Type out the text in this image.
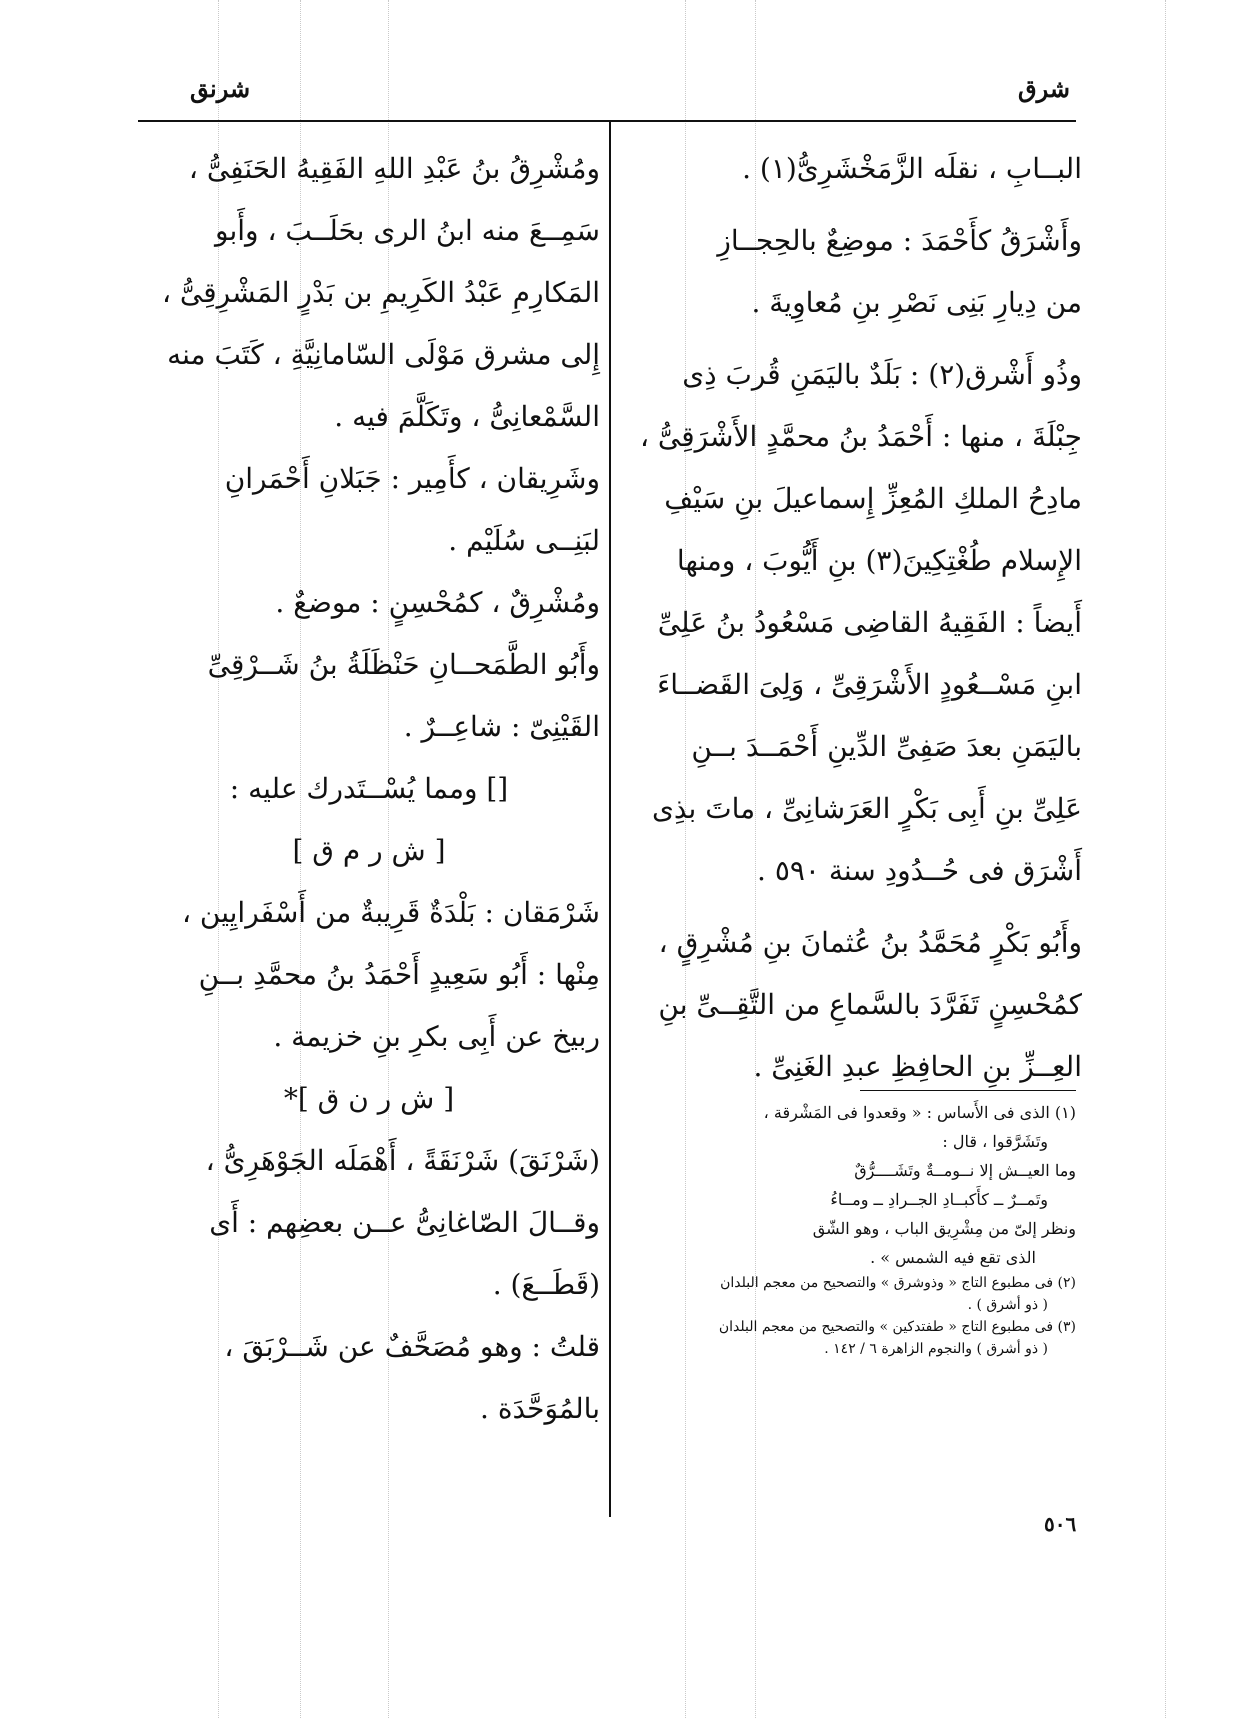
شرنق	شرق

البــابِ ، نقلَه الزَّمَخْشَرِىُّ(١) .

وأَشْرَقُ كأَحْمَدَ : موضِعٌ بالحِجــازِ

من دِيارِ بَنِى نَصْرِ بنِ مُعاوِيةَ .

وذُو أَشْرق(٢) : بَلَدٌ باليَمَنِ قُربَ ذِى

جِبْلَةَ ، منها : أَحْمَدُ بنُ محمَّدٍ الأَشْرَقِىُّ ،

مادِحُ الملكِ المُعِزِّ إِسماعيلَ بنِ سَيْفِ

الإِسلام طُغْتِكِينَ(٣) بنِ أَيُّوبَ ، ومنها

أَيضاً : الفَقِيهُ القاضِى مَسْعُودُ بنُ عَلِىِّ

ابنِ مَسْــعُودٍ الأَشْرَقِىِّ ، وَلِىَ القَضــاءَ

باليَمَنِ بعدَ صَفِىِّ الدِّينِ أَحْمَــدَ بــنِ

عَلِىِّ بنِ أَبِى بَكْرٍ العَرَشانِىِّ ، ماتَ بذِى

أَشْرَق فى حُــدُودِ سنة ٥٩٠ .

وأَبُو بَكْرٍ مُحَمَّدُ بنُ عُثمانَ بنِ مُشْرِقٍ ،

كمُحْسِنٍ تَفَرَّدَ بالسَّماعِ من التَّقِــىِّ بنِ

العِــزِّ بنِ الحافِظِ عبدِ الغَنِىِّ .

(١) الذى فى الأَساس : « وقعدوا فى المَشْرقة ،

وتَشَرَّقوا ، قال :

وما العيــش إلا نــومــةٌ وتَشَــــرُّقٌ

وتَمــرٌ ــ كأَكبــادِ الجــرادِ ــ ومــاءُ

ونظر إلىّ من مِشْرِيق الباب ، وهو الشّق

الذى تقع فيه الشمس » .

(٢) فى مطبوع التاج « وذوشرق » والتصحيح من معجم البلدان

( ذو أشرق ) .

(٣) فى مطبوع التاج « طفتدكين » والتصحيح من معجم البلدان

( ذو أشرق ) والنجوم الزاهرة ٦ / ١٤٢ .

ومُشْرِقُ بنُ عَبْدِ اللهِ الفَقِيهُ الحَنَفِىُّ ،

سَمِــعَ منه ابنُ الرى بحَلَــبَ ، وأَبو

المَكارِمِ عَبْدُ الكَرِيمِ بن بَدْرٍ المَشْرِقِىُّ ،

إِلى مشرق مَوْلَى السّامانِيَّةِ ، كَتَبَ منه

السَّمْعانِىُّ ، وتَكَلَّمَ فيه .

وشَرِيقان ، كأَمِير : جَبَلانِ أَحْمَرانِ

لبَنِــى سُلَيْم .

ومُشْرِقٌ ، كمُحْسِنٍ : موضعٌ .

وأَبُو الطَّمَحــانِ حَنْظَلَةُ بنُ شَــرْقِىِّ

القَيْنِىّ : شاعِــرٌ .

[] ومما يُسْــتَدرك عليه :

[ ش ر م ق ]

شَرْمَقان : بَلْدَةٌ قَرِيبةٌ من أَسْفَرايِين ،

مِنْها : أَبُو سَعِيدٍ أَحْمَدُ بنُ محمَّدِ بــنِ

ربيخ عن أَبِى بكرِ بنِ خزيمة .

[ ش ر ن ق ]*

(شَرْنَقَ) شَرْنَقَةً ، أَهْمَلَه الجَوْهَرِىُّ ،

وقــالَ الصّاغانِىُّ عــن بعضِهم : أَى

(قَطَــعَ) .

قلتُ : وهو مُصَحَّفٌ عن شَــرْبَقَ ،

بالمُوَحَّدَة .

٥٠٦
